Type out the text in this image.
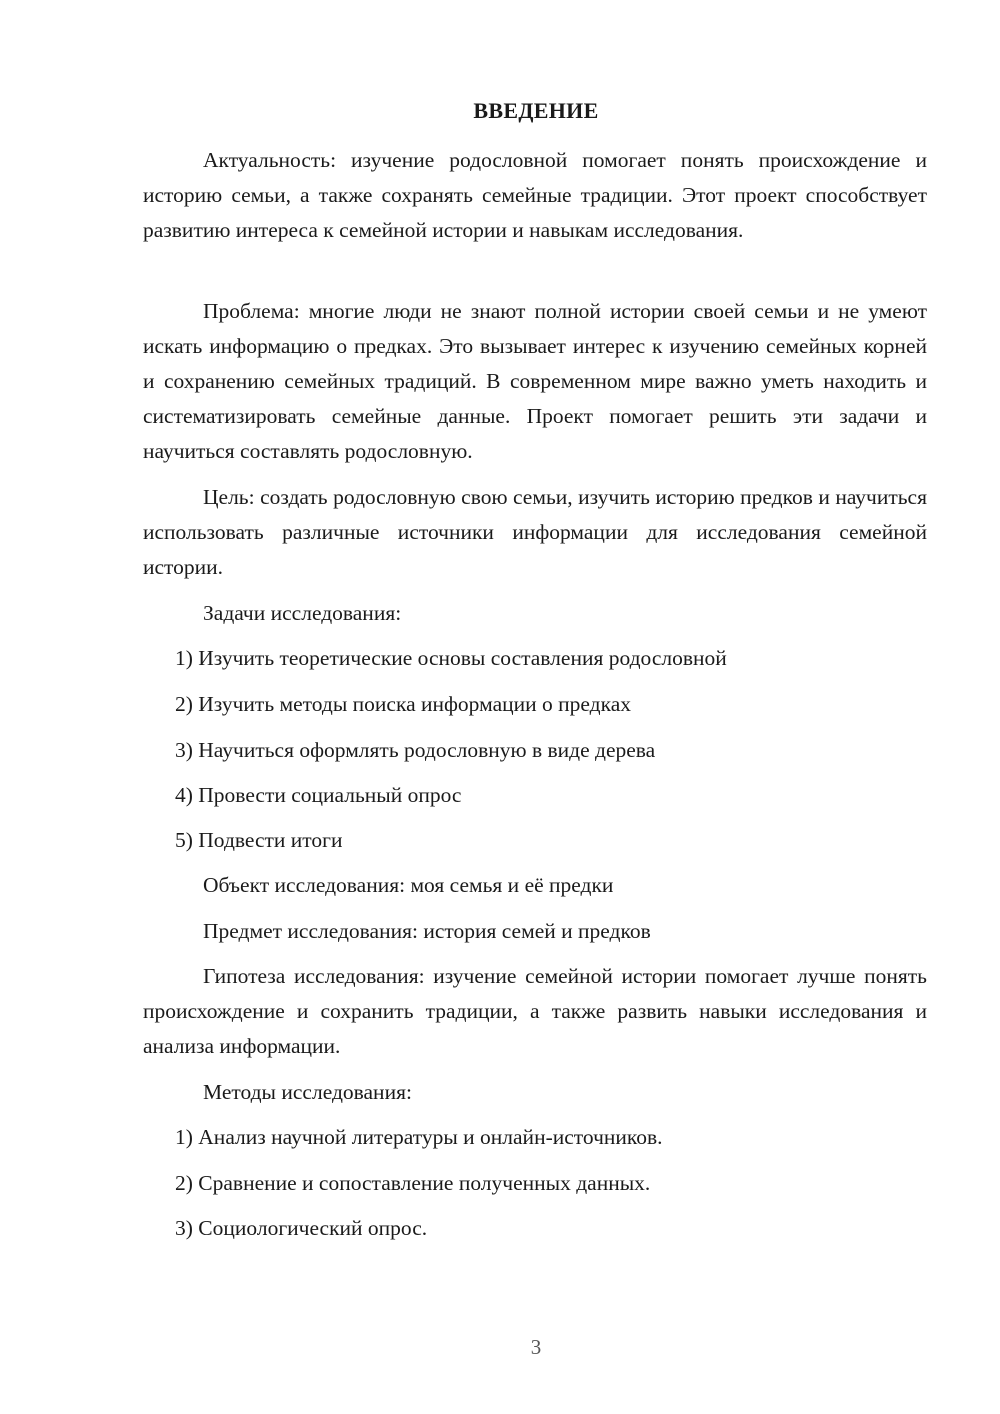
ВВЕДЕНИЕ

Актуальность: изучение родословной помогает понять происхождение и историю семьи, а также сохранять семейные традиции. Этот проект способствует развитию интереса к семейной истории и навыкам исследования.

Проблема: многие люди не знают полной истории своей семьи и не умеют искать информацию о предках. Это вызывает интерес к изучению семейных корней и сохранению семейных традиций. В современном мире важно уметь находить и систематизировать семейные данные. Проект помогает решить эти задачи и научиться составлять родословную.

Цель: создать родословную свою семьи, изучить историю предков и научиться использовать различные источники информации для исследования семейной истории.

Задачи исследования:

1) Изучить теоретические основы составления родословной

2) Изучить методы поиска информации о предках

3) Научиться оформлять родословную в виде дерева

4) Провести социальный опрос

5) Подвести итоги

Объект исследования: моя семья и её предки

Предмет исследования: история семей и предков

Гипотеза исследования: изучение семейной истории помогает лучше понять происхождение и сохранить традиции, а также развить навыки исследования и анализа информации.

Методы исследования:

1) Анализ научной литературы и онлайн-источников.

2) Сравнение и сопоставление полученных данных.

3) Социологический опрос.

3
